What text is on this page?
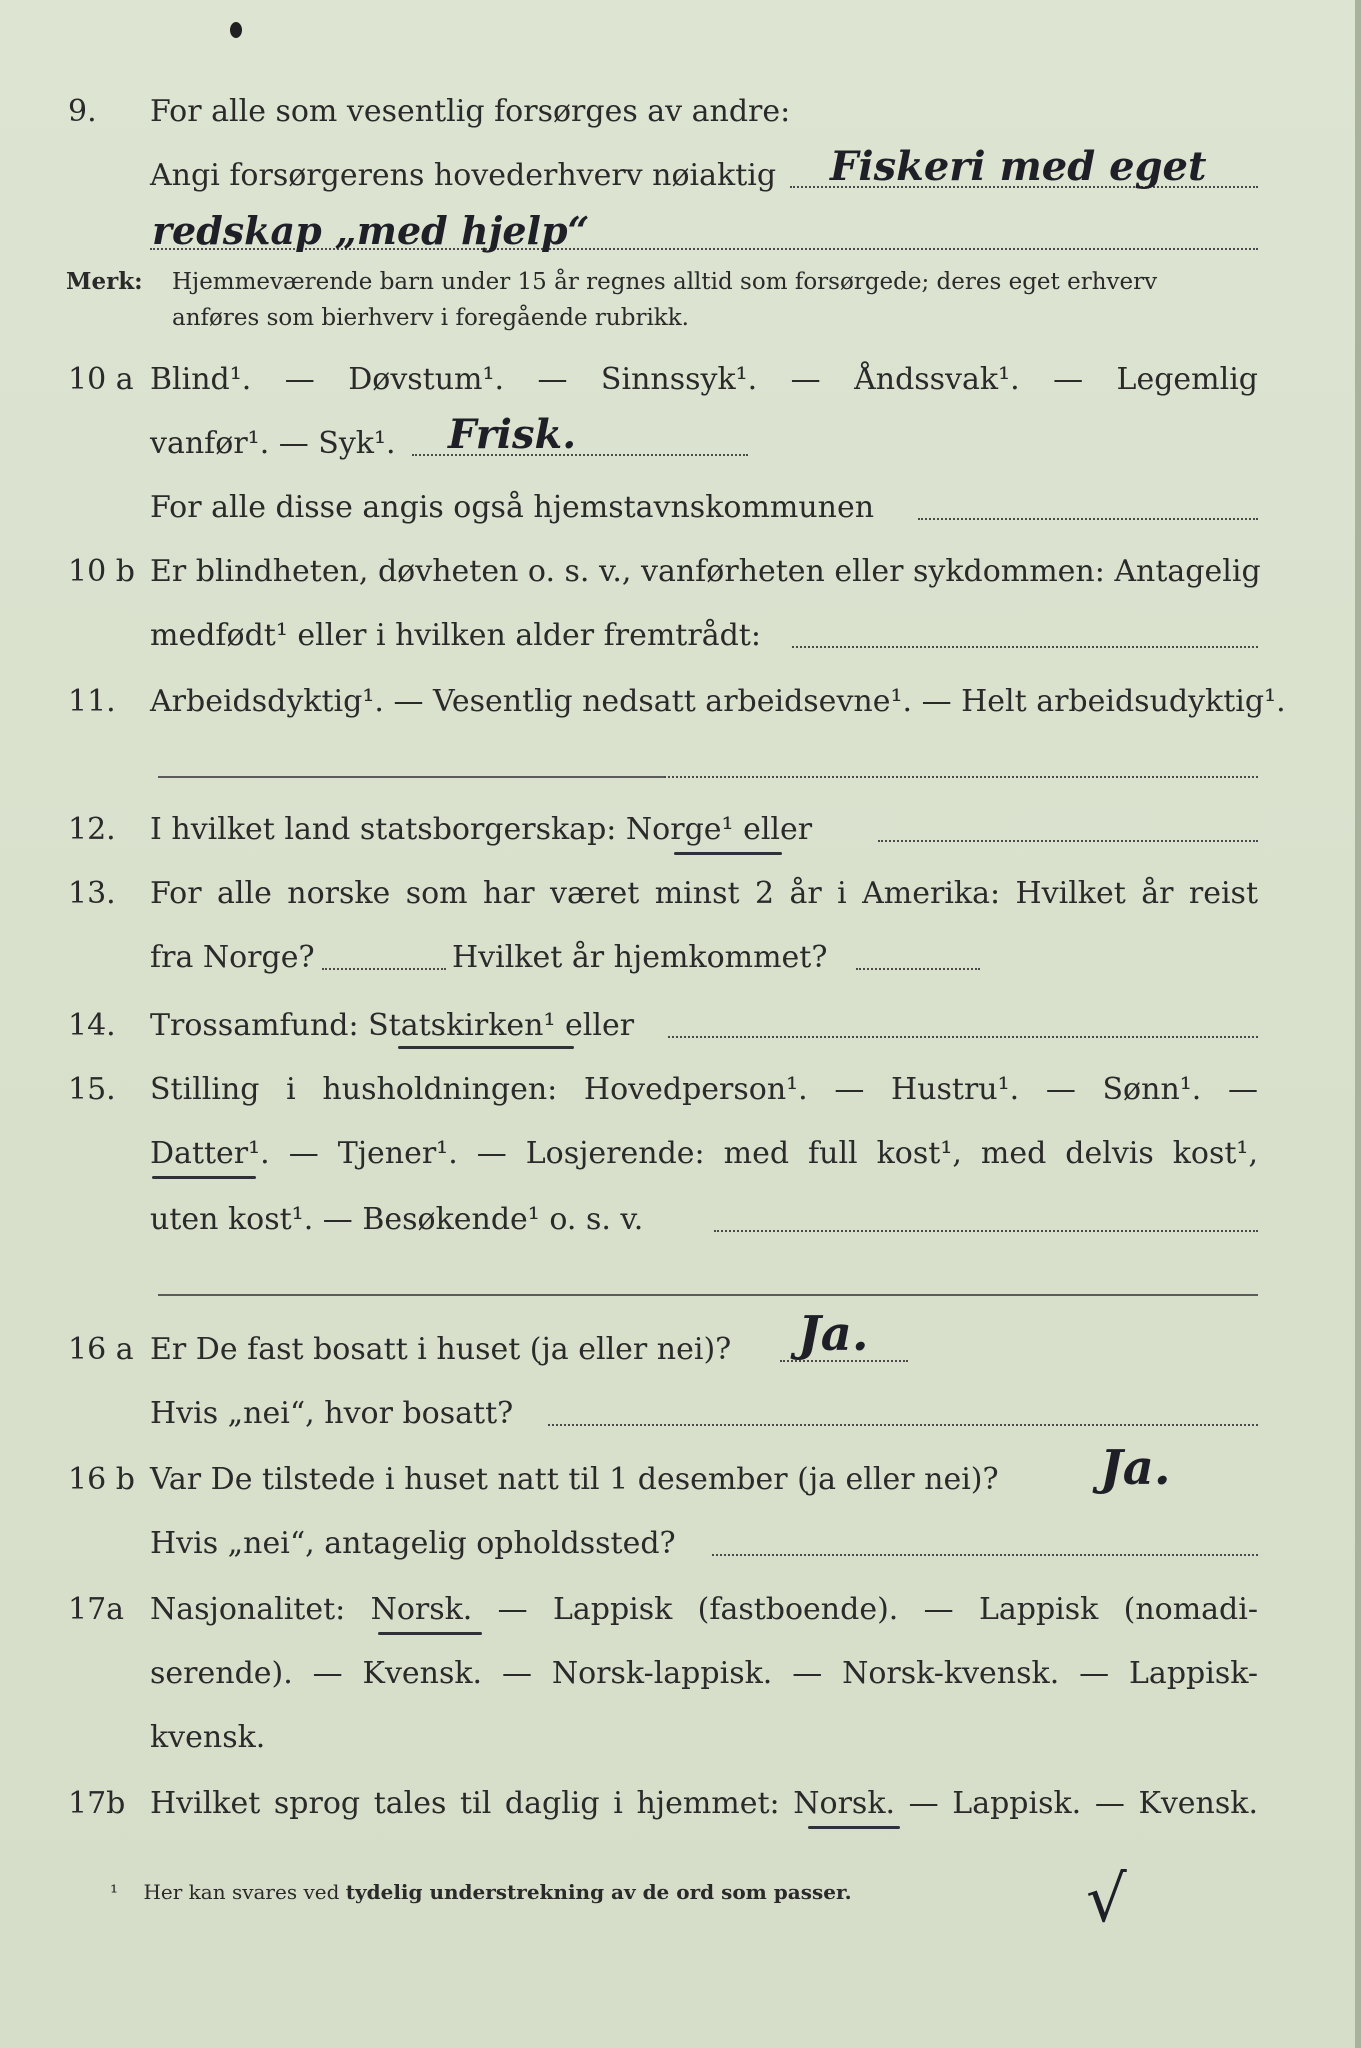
9. For alle som vesentlig forsørges av andre:
Angi forsørgerens hovederhverv nøiaktig Fiskeri med eget
redskap „med hjelp“
Merk: Hjemmeværende barn under 15 år regnes alltid som forsørgede; deres eget erhverv
anføres som bierhverv i foregående rubrikk.
10 a Blind¹. — Døvstum¹. — Sinnssyk¹. — Åndssvak¹. — Legemlig
vanfør¹. — Syk¹. Frisk.
For alle disse angis også hjemstavnskommunen
10 b Er blindheten, døvheten o. s. v., vanførheten eller sykdommen: Antagelig
medfødt¹ eller i hvilken alder fremtrådt:
11. Arbeidsdyktig¹. — Vesentlig nedsatt arbeidsevne¹. — Helt arbeidsudyktig¹.
12. I hvilket land statsborgerskap: Norge¹ eller
13. For alle norske som har været minst 2 år i Amerika: Hvilket år reist
fra Norge?	Hvilket år hjemkommet?
14. Trossamfund: Statskirken¹ eller
15. Stilling i husholdningen: Hovedperson¹. — Hustru¹. — Sønn¹. —
Datter¹. — Tjener¹. — Losjerende: med full kost¹, med delvis kost¹,
uten kost¹. — Besøkende¹ o. s. v.
16 a Er De fast bosatt i huset (ja eller nei)? Ja.
Hvis „nei“, hvor bosatt?
16 b Var De tilstede i huset natt til 1 desember (ja eller nei)? Ja.
Hvis „nei“, antagelig opholdssted?
17a Nasjonalitet: Norsk. — Lappisk (fastboende). — Lappisk (nomadi-
serende). — Kvensk. — Norsk-lappisk. — Norsk-kvensk. — Lappisk-
kvensk.
17b Hvilket sprog tales til daglig i hjemmet: Norsk. — Lappisk. — Kvensk.
¹ Her kan svares ved tydelig understrekning av de ord som passer.	√
